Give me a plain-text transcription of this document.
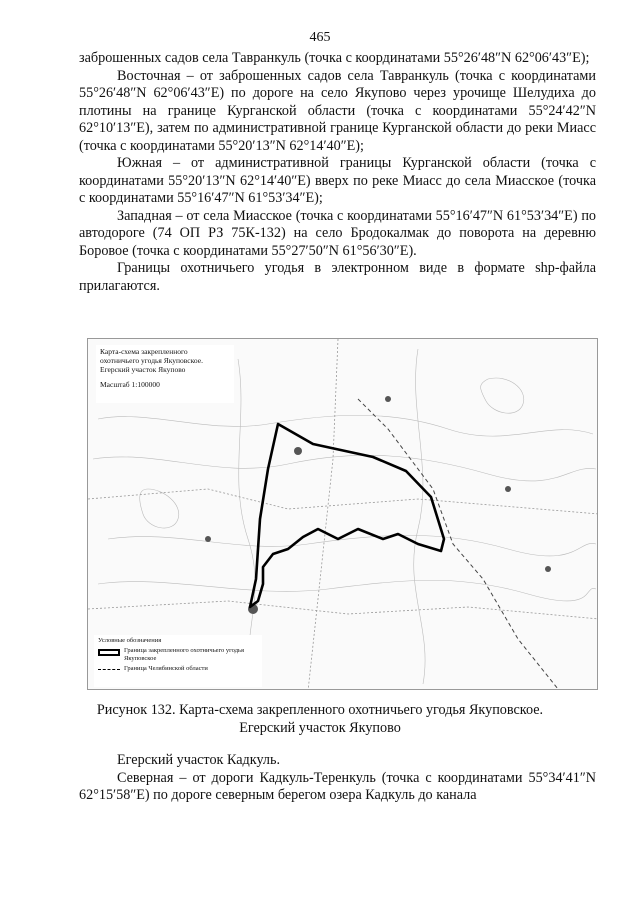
465

заброшенных садов села Тавранкуль (точка с координатами 55°26′48″N 62°06′43″E);

Восточная – от заброшенных садов села Тавранкуль (точка с координатами 55°26′48″N 62°06′43″E) по дороге на село Якупово через урочище Шелудиха до плотины на границе Курганской области (точка с координатами 55°24′42″N 62°10′13″E), затем по административной границе Курганской области до реки Миасс (точка с координатами 55°20′13″N 62°14′40″E);

Южная – от административной границы Курганской области (точка с координатами 55°20′13″N 62°14′40″E) вверх по реке Миасс до села Миасское (точка с координатами 55°16′47″N 61°53′34″E);

Западная – от села Миасское (точка с координатами 55°16′47″N 61°53′34″E) по автодороге (74 ОП РЗ 75К-132) на село Бродокалмак до поворота на деревню Боровое (точка с координатами 55°27′50″N 61°56′30″E).

Границы охотничьего угодья в электронном виде в формате shp-файла прилагаются.

Карта-схема закрепленного
охотничьего угодья Якуповское.
Егерский участок Якупово
Масштаб 1:100000
Условные обозначения
Граница закрепленного охотничьего угодья Якуповское
Граница Челябинской области
Рисунок 132. Карта-схема закрепленного охотничьего угодья Якуповское.
Егерский участок Якупово

Егерский участок Кадкуль.

Северная – от дороги Кадкуль-Теренкуль (точка с координатами 55°34′41″N 62°15′58″E) по дороге северным берегом озера Кадкуль до канала
